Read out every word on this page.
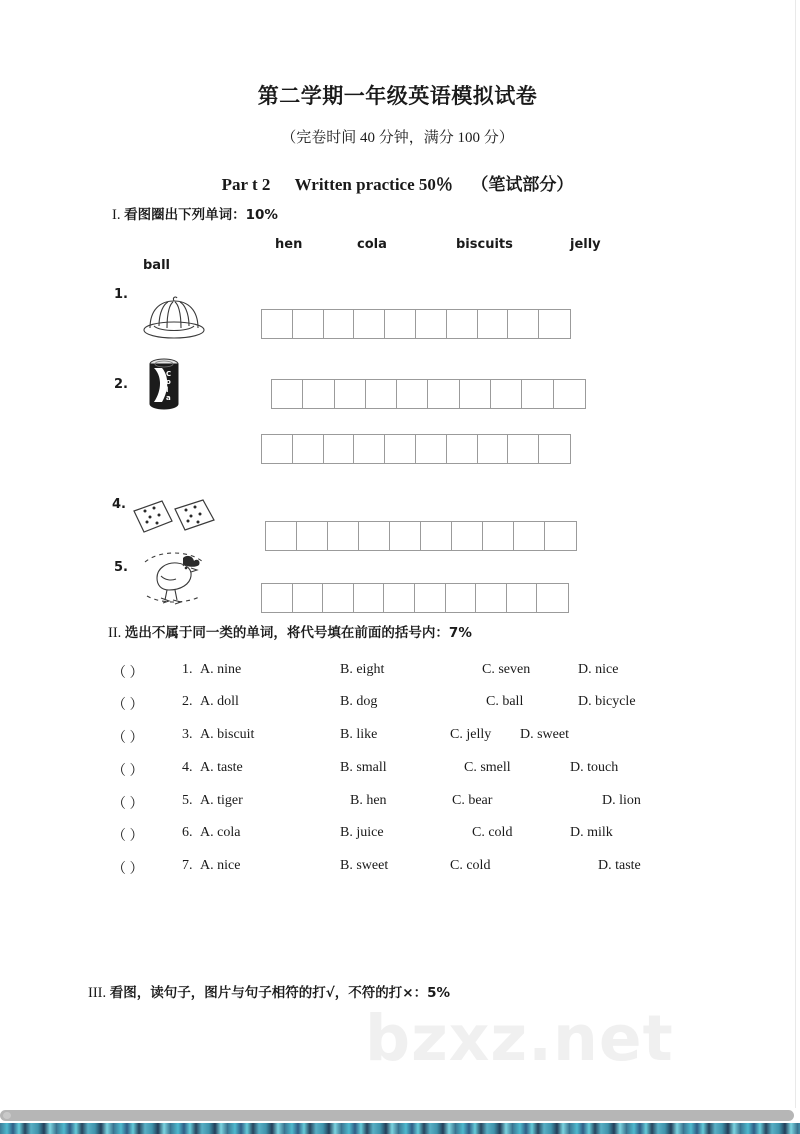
bzxz.net
第二学期一年级英语模拟试卷
（完卷时间 40 分钟，满分 100 分）
Par t 2 Written practice 50％ （笔试部分）
I. 看图圈出下列单词：10%
hen	cola	biscuits	jelly
ball
1.
2.
4.
5.
C
o
l
a
II. 选出不属于同一类的单词，将代号填在前面的括号内：7%
（ ）	1. A. nine	B. eight	C. seven	D. nice
（ ）	2. A. doll	B. dog	C. ball	D. bicycle
（ ）	3. A. biscuit	B. like	C. jelly D. sweet
（ ）	4. A. taste	B. small	C. smell	D. touch
（ ）	5. A. tiger	B. hen	C. bear	D. lion
（ ）	6. A. cola	B. juice	C. cold	D. milk
（ ）	7. A. nice	B. sweet	C. cold	D. taste
III. 看图，读句子，图片与句子相符的打√，不符的打×：5%
